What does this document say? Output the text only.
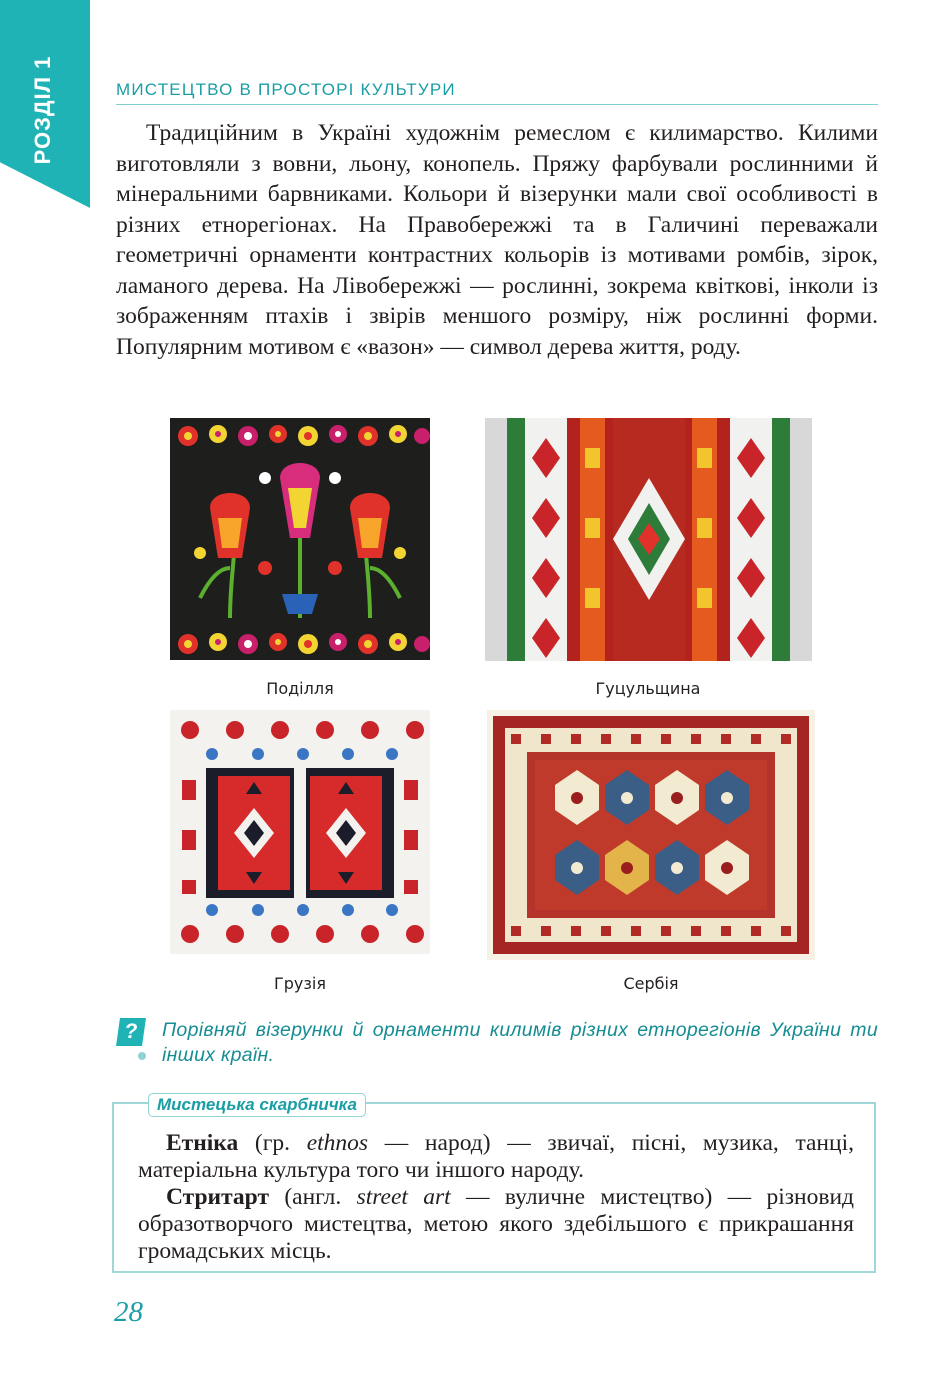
РОЗДІЛ 1	МИСТЕЦТВО В ПРОСТОРІ КУЛЬТУРИ
Традиційним в Україні художнім ремеслом є килимарство. Килими виготовляли з вовни, льону, конопель. Пряжу фарбували рослинними й мінеральними барвниками. Кольори й візерунки мали свої особливості в різних етнорегіонах. На Правобережжі та в Галичині переважали геометричні орнаменти контрастних кольорів із мотивами ромбів, зірок, ламаного дерева. На Лівобережжі — рослинні, зокрема квіткові, інколи із зображенням птахів і звірів меншого розміру, ніж рослинні форми. Популярним мотивом є «вазон» — символ дерева життя, роду.
Поділля	Гуцульщина
Грузія	Сербія
?	Порівняй візерунки й орнаменти килимів різних етнорегіонів України ти інших країн.
Мистецька скарбничка

Етніка (гр. ethnos — народ) — звичаї, пісні, музика, танці, матеріальна культура того чи іншого народу.

Стритарт (англ. street art — вуличне мистецтво) — різновид образотворчого мистецтва, метою якого здебільшого є прикрашання громадських місць.

28
